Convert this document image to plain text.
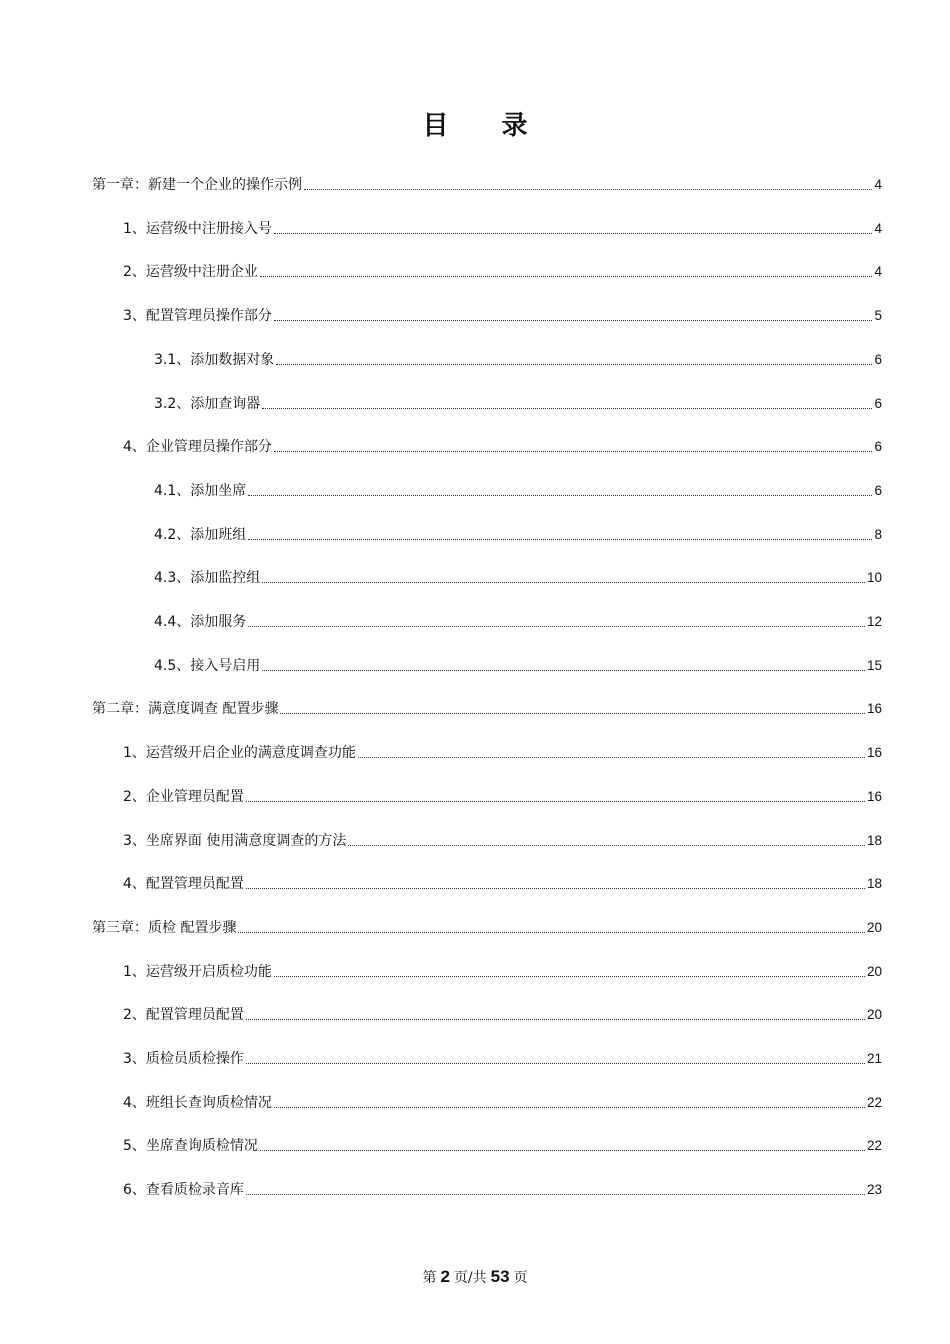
目 录
第一章：新建一个企业的操作示例	4
1、运营级中注册接入号	4
2、运营级中注册企业	4
3、配置管理员操作部分	5
3.1、添加数据对象	6
3.2、添加查询器	6
4、企业管理员操作部分	6
4.1、添加坐席	6
4.2、添加班组	8
4.3、添加监控组	10
4.4、添加服务	12
4.5、接入号启用	15
第二章：满意度调查 配置步骤	16
1、运营级开启企业的满意度调查功能	16
2、企业管理员配置	16
3、坐席界面 使用满意度调查的方法	18
4、配置管理员配置	18
第三章：质检 配置步骤	20
1、运营级开启质检功能	20
2、配置管理员配置	20
3、质检员质检操作	21
4、班组长查询质检情况	22
5、坐席查询质检情况	22
6、查看质检录音库	23
第 2 页/共 53 页
